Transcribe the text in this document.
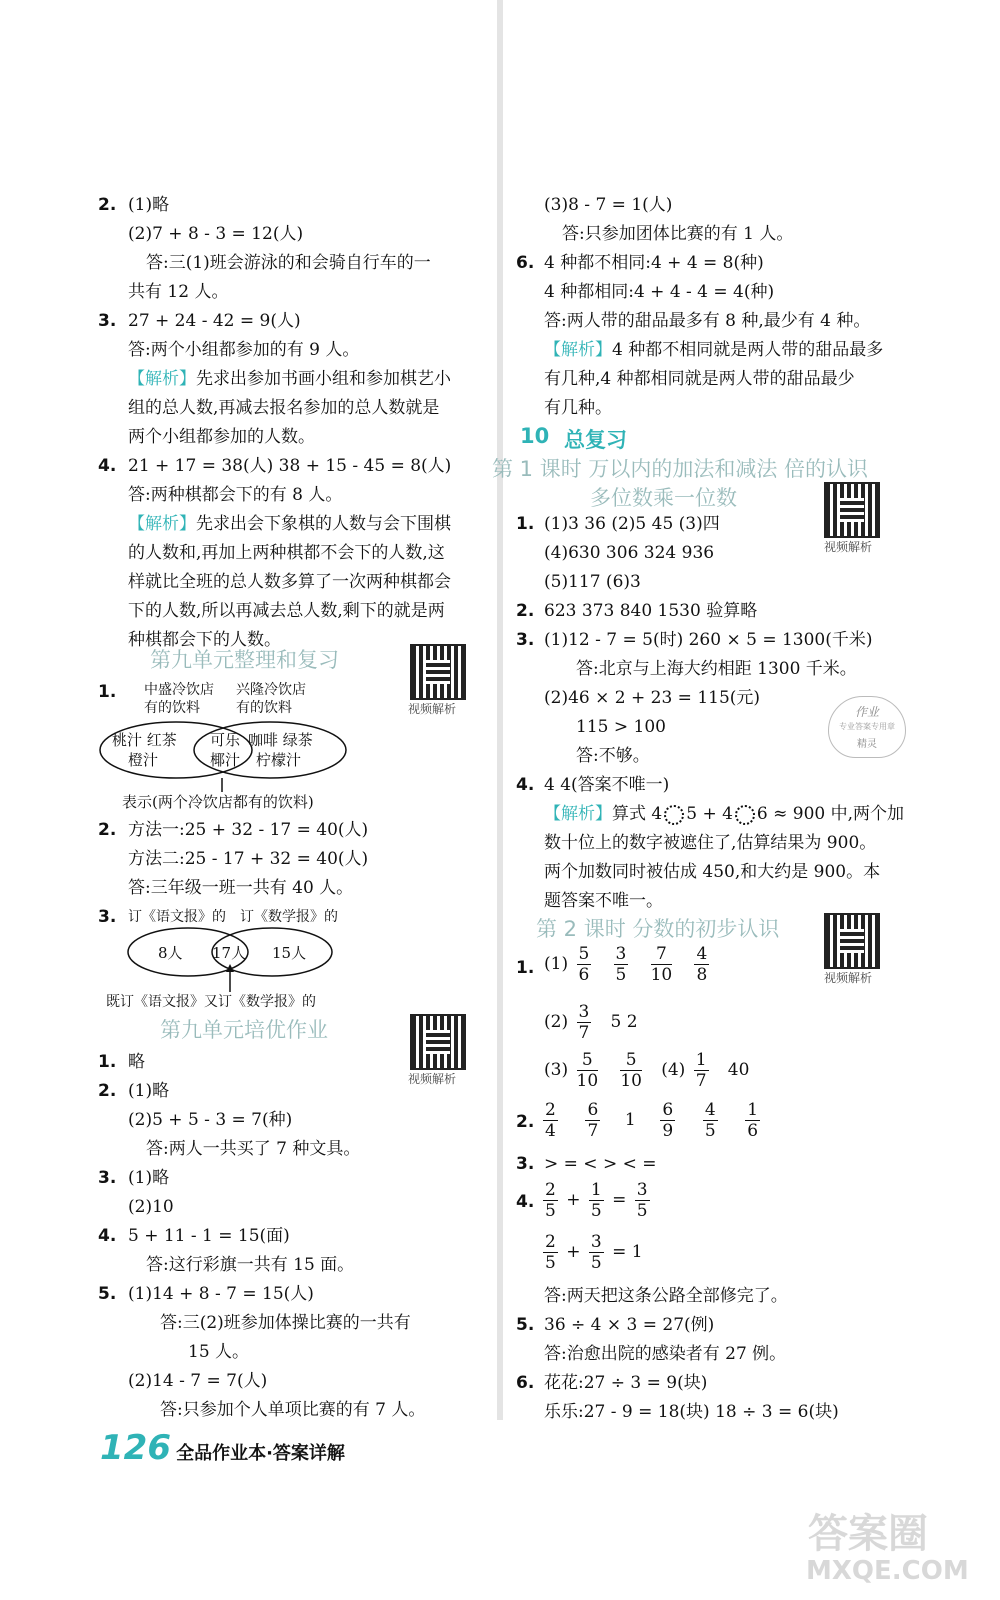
2. (1)略
(2)7 + 8 - 3 = 12(人)
答:三(1)班会游泳的和会骑自行车的一
共有 12 人。
3. 27 + 24 - 42 = 9(人)
答:两个小组都参加的有 9 人。
【解析】先求出参加书画小组和参加棋艺小
组的总人数,再减去报名参加的总人数就是
两个小组都参加的人数。
4. 21 + 17 = 38(人) 38 + 15 - 45 = 8(人)
答:两种棋都会下的有 8 人。
【解析】先求出会下象棋的人数与会下围棋
的人数和,再加上两种棋都不会下的人数,这
样就比全班的总人数多算了一次两种棋都会
下的人数,所以再减去总人数,剩下的就是两
种棋都会下的人数。
第九单元整理和复习
视频解析
1. 中盛冷饮店
有的饮料
兴隆冷饮店
有的饮料
桃汁 红茶
橙汁
可乐
椰汁
咖啡 绿茶
柠檬汁
表示(两个冷饮店都有的饮料)
2. 方法一:25 + 32 - 17 = 40(人)
方法二:25 - 17 + 32 = 40(人)
答:三年级一班一共有 40 人。
3. 订《语文报》的 订《数学报》的
8人 17人 15人
既订《语文报》又订《数学报》的
第九单元培优作业
视频解析
1. 略
2. (1)略
(2)5 + 5 - 3 = 7(种)
答:两人一共买了 7 种文具。
3. (1)略
(2)10
4. 5 + 11 - 1 = 15(面)
答:这行彩旗一共有 15 面。
5. (1)14 + 8 - 7 = 15(人)
答:三(2)班参加体操比赛的一共有
15 人。
(2)14 - 7 = 7(人)
答:只参加个人单项比赛的有 7 人。
(3)8 - 7 = 1(人)
答:只参加团体比赛的有 1 人。
6. 4 种都不相同:4 + 4 = 8(种)
4 种都相同:4 + 4 - 4 = 4(种)
答:两人带的甜品最多有 8 种,最少有 4 种。
【解析】4 种都不相同就是两人带的甜品最多
有几种,4 种都相同就是两人带的甜品最少
有几种。
10 总复习
第 1 课时 万以内的加法和减法 倍的认识
多位数乘一位数
视频解析
1. (1)3 36 (2)5 45 (3)四
(4)630 306 324 936
(5)117 (6)3
2. 623 373 840 1530 验算略
3. (1)12 - 7 = 5(时) 260 × 5 = 1300(千米)
答:北京与上海大约相距 1300 千米。
(2)46 × 2 + 23 = 115(元)
115 > 100
答:不够。
作业
专业答案专用章
精灵
4. 4 4(答案不唯一)
【解析】算式 4 5 + 4 6 ≈ 900 中,两个加
数十位上的数字被遮住了,估算结果为 900。
两个加数同时被估成 450,和大约是 900。本
题答案不唯一。
第 2 课时 分数的初步认识
视频解析
1. $(1) \frac{5}{6}$
$\frac{3}{5}$
$\frac{7}{10}$
$\frac{4}{8}$
$(2) \frac{3}{7} 5$ 2
$(3) \frac{5}{10}$
$\frac{5}{10} (4) \frac{1}{7} 40$
2. $\frac{2}{4}$
$\frac{6}{7} 1 \frac{6}{9}$
$\frac{4}{5}$
$\frac{1}{6}$
3. > = < > < =
4. $\frac{2}{5} + \frac{1}{5} = \frac{3}{5}$
$\frac{2}{5} + \frac{3}{5} = 1$
答:两天把这条公路全部修完了。
5. 36 ÷ 4 × 3 = 27(例)
答:治愈出院的感染者有 27 例。
6. 花花:27 ÷ 3 = 9(块)
乐乐:27 - 9 = 18(块) 18 ÷ 3 = 6(块)
126 全品作业本·答案详解
答案圈
MXQE.COM
